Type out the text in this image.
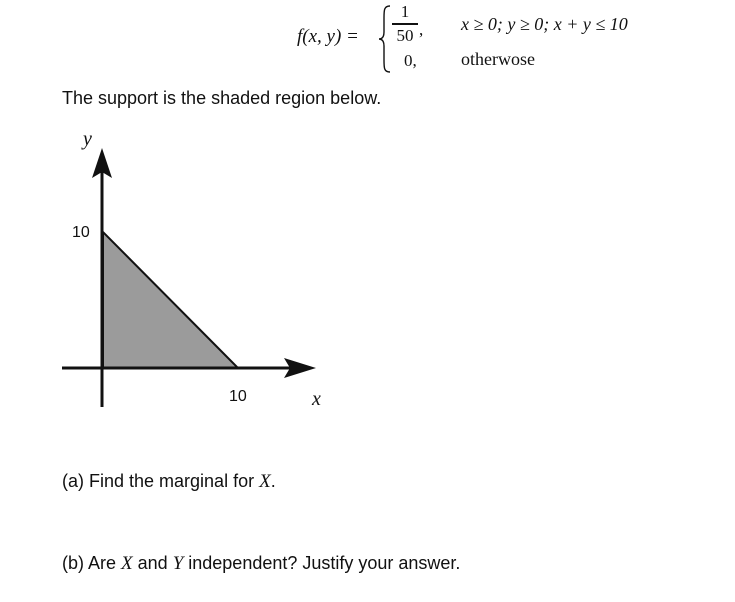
f(x, y) =
1
50 ,
0,
x ≥ 0; y ≥ 0; x + y ≤ 10
otherwose
The support is the shaded region below.
y
x
10
10
(a) Find the marginal for X.
(b) Are X and Y independent? Justify your answer.
